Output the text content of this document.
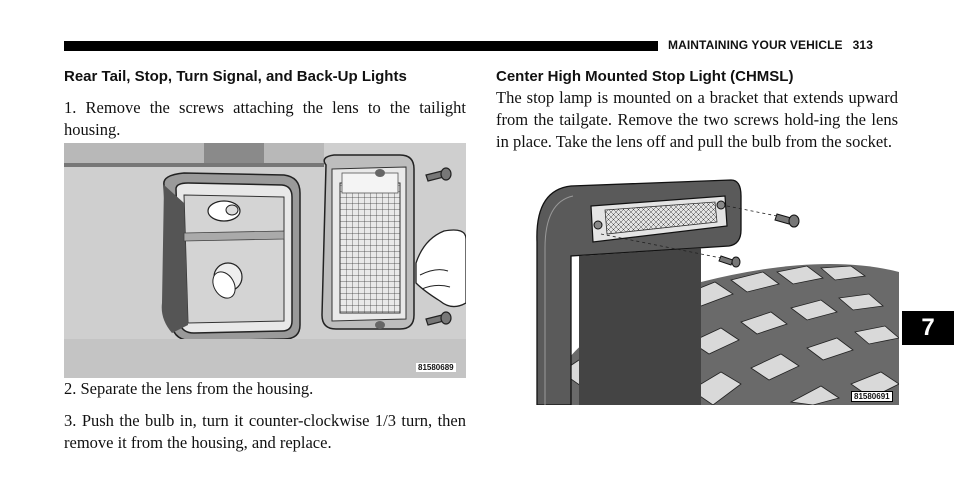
MAINTAINING YOUR VEHICLE 313
Rear Tail, Stop, Turn Signal, and Back-Up Lights
1. Remove the screws attaching the lens to the tailight housing.
81580689
2. Separate the lens from the housing.
3. Push the bulb in, turn it counter-clockwise 1/3 turn, then remove it from the housing, and replace.
Center High Mounted Stop Light (CHMSL)
The stop lamp is mounted on a bracket that extends upward from the tailgate. Remove the two screws hold-ing the lens in place. Take the lens off and pull the bulb from the socket.
81580691
7
